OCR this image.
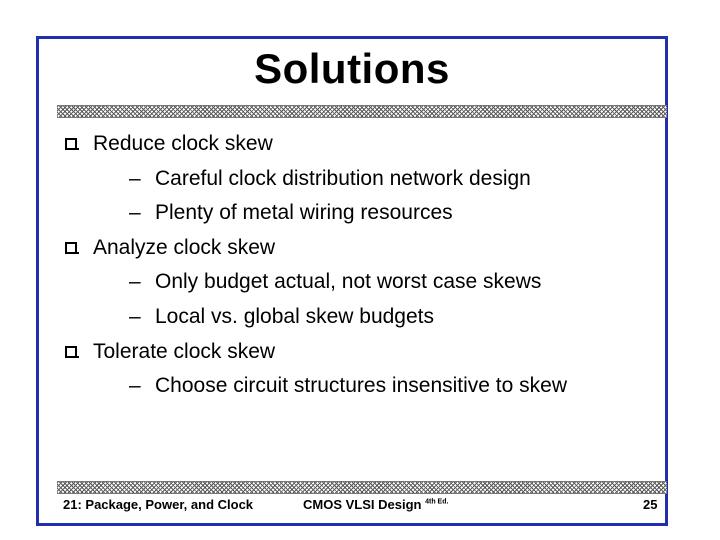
Solutions
Reduce clock skew
– Careful clock distribution network design
– Plenty of metal wiring resources
Analyze clock skew
– Only budget actual, not worst case skews
– Local vs. global skew budgets
Tolerate clock skew
– Choose circuit structures insensitive to skew
21: Package, Power, and Clock	CMOS VLSI Design $^{4th Ed.}$	25
